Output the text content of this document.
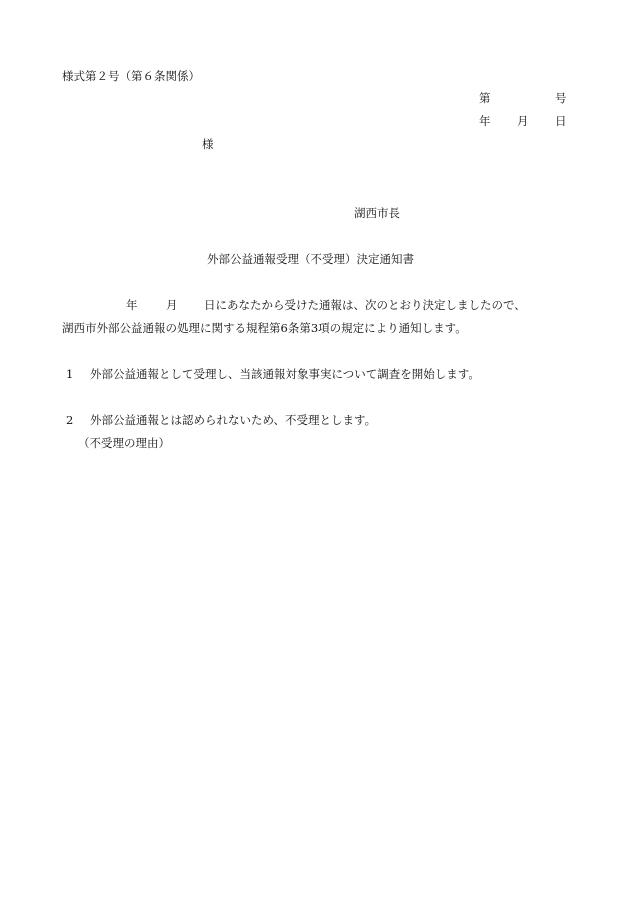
様式第２号（第６条関係）
第	号
年 月 日
様
湖西市長
外部公益通報受理（不受理）決定通知書
年 月 日にあなたから受けた通報は、次のとおり決定しましたので、
湖西市外部公益通報の処理に関する規程第6条第3項の規定により通知します。
1 外部公益通報として受理し、当該通報対象事実について調査を開始します。
2 外部公益通報とは認められないため、不受理とします。
（不受理の理由）
